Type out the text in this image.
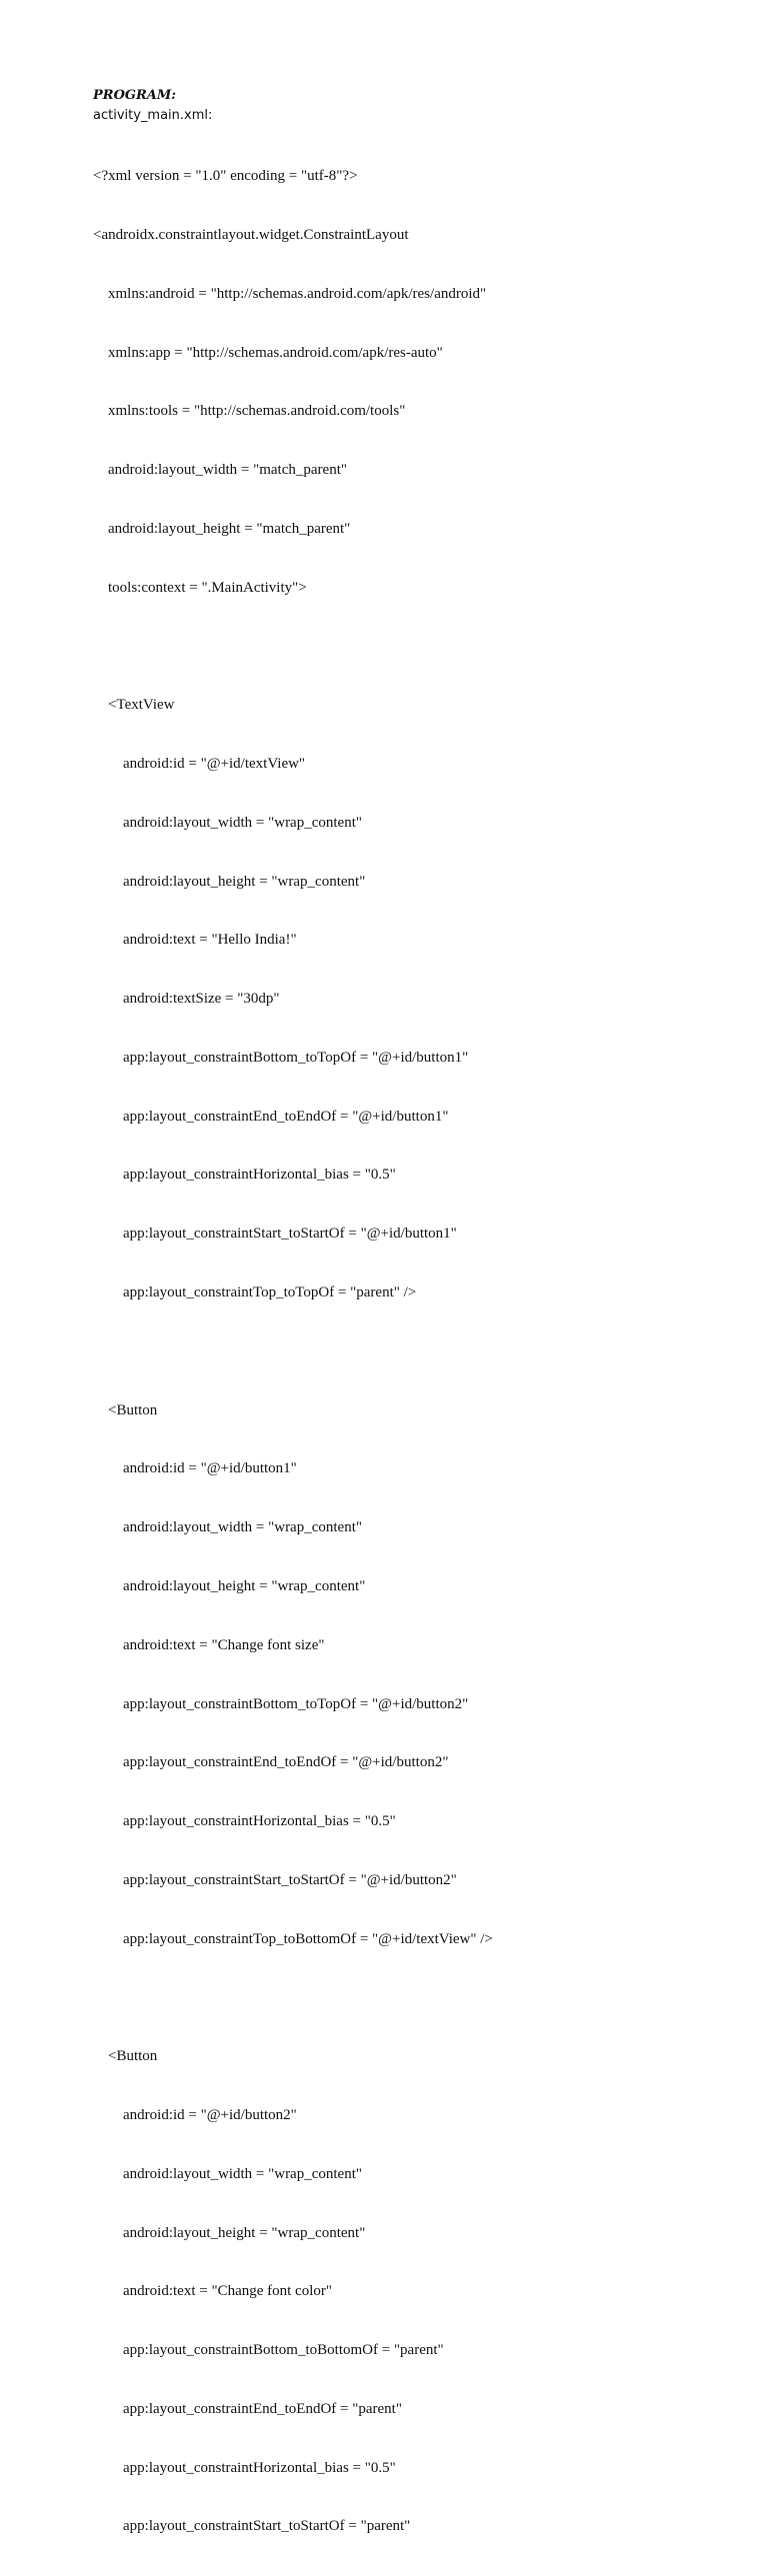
PROGRAM:
activity_main.xml:

<?xml version = "1.0" encoding = "utf-8"?>

<androidx.constraintlayout.widget.ConstraintLayout

xmlns:android = "http://schemas.android.com/apk/res/android"

xmlns:app = "http://schemas.android.com/apk/res-auto"

xmlns:tools = "http://schemas.android.com/tools"

android:layout_width = "match_parent"

android:layout_height = "match_parent"

tools:context = ".MainActivity">

<TextView

android:id = "@+id/textView"

android:layout_width = "wrap_content"

android:layout_height = "wrap_content"

android:text = "Hello India!"

android:textSize = "30dp"

app:layout_constraintBottom_toTopOf = "@+id/button1"

app:layout_constraintEnd_toEndOf = "@+id/button1"

app:layout_constraintHorizontal_bias = "0.5"

app:layout_constraintStart_toStartOf = "@+id/button1"

app:layout_constraintTop_toTopOf = "parent" />

<Button

android:id = "@+id/button1"

android:layout_width = "wrap_content"

android:layout_height = "wrap_content"

android:text = "Change font size"

app:layout_constraintBottom_toTopOf = "@+id/button2"

app:layout_constraintEnd_toEndOf = "@+id/button2"

app:layout_constraintHorizontal_bias = "0.5"

app:layout_constraintStart_toStartOf = "@+id/button2"

app:layout_constraintTop_toBottomOf = "@+id/textView" />

<Button

android:id = "@+id/button2"

android:layout_width = "wrap_content"

android:layout_height = "wrap_content"

android:text = "Change font color"

app:layout_constraintBottom_toBottomOf = "parent"

app:layout_constraintEnd_toEndOf = "parent"

app:layout_constraintHorizontal_bias = "0.5"

app:layout_constraintStart_toStartOf = "parent"
